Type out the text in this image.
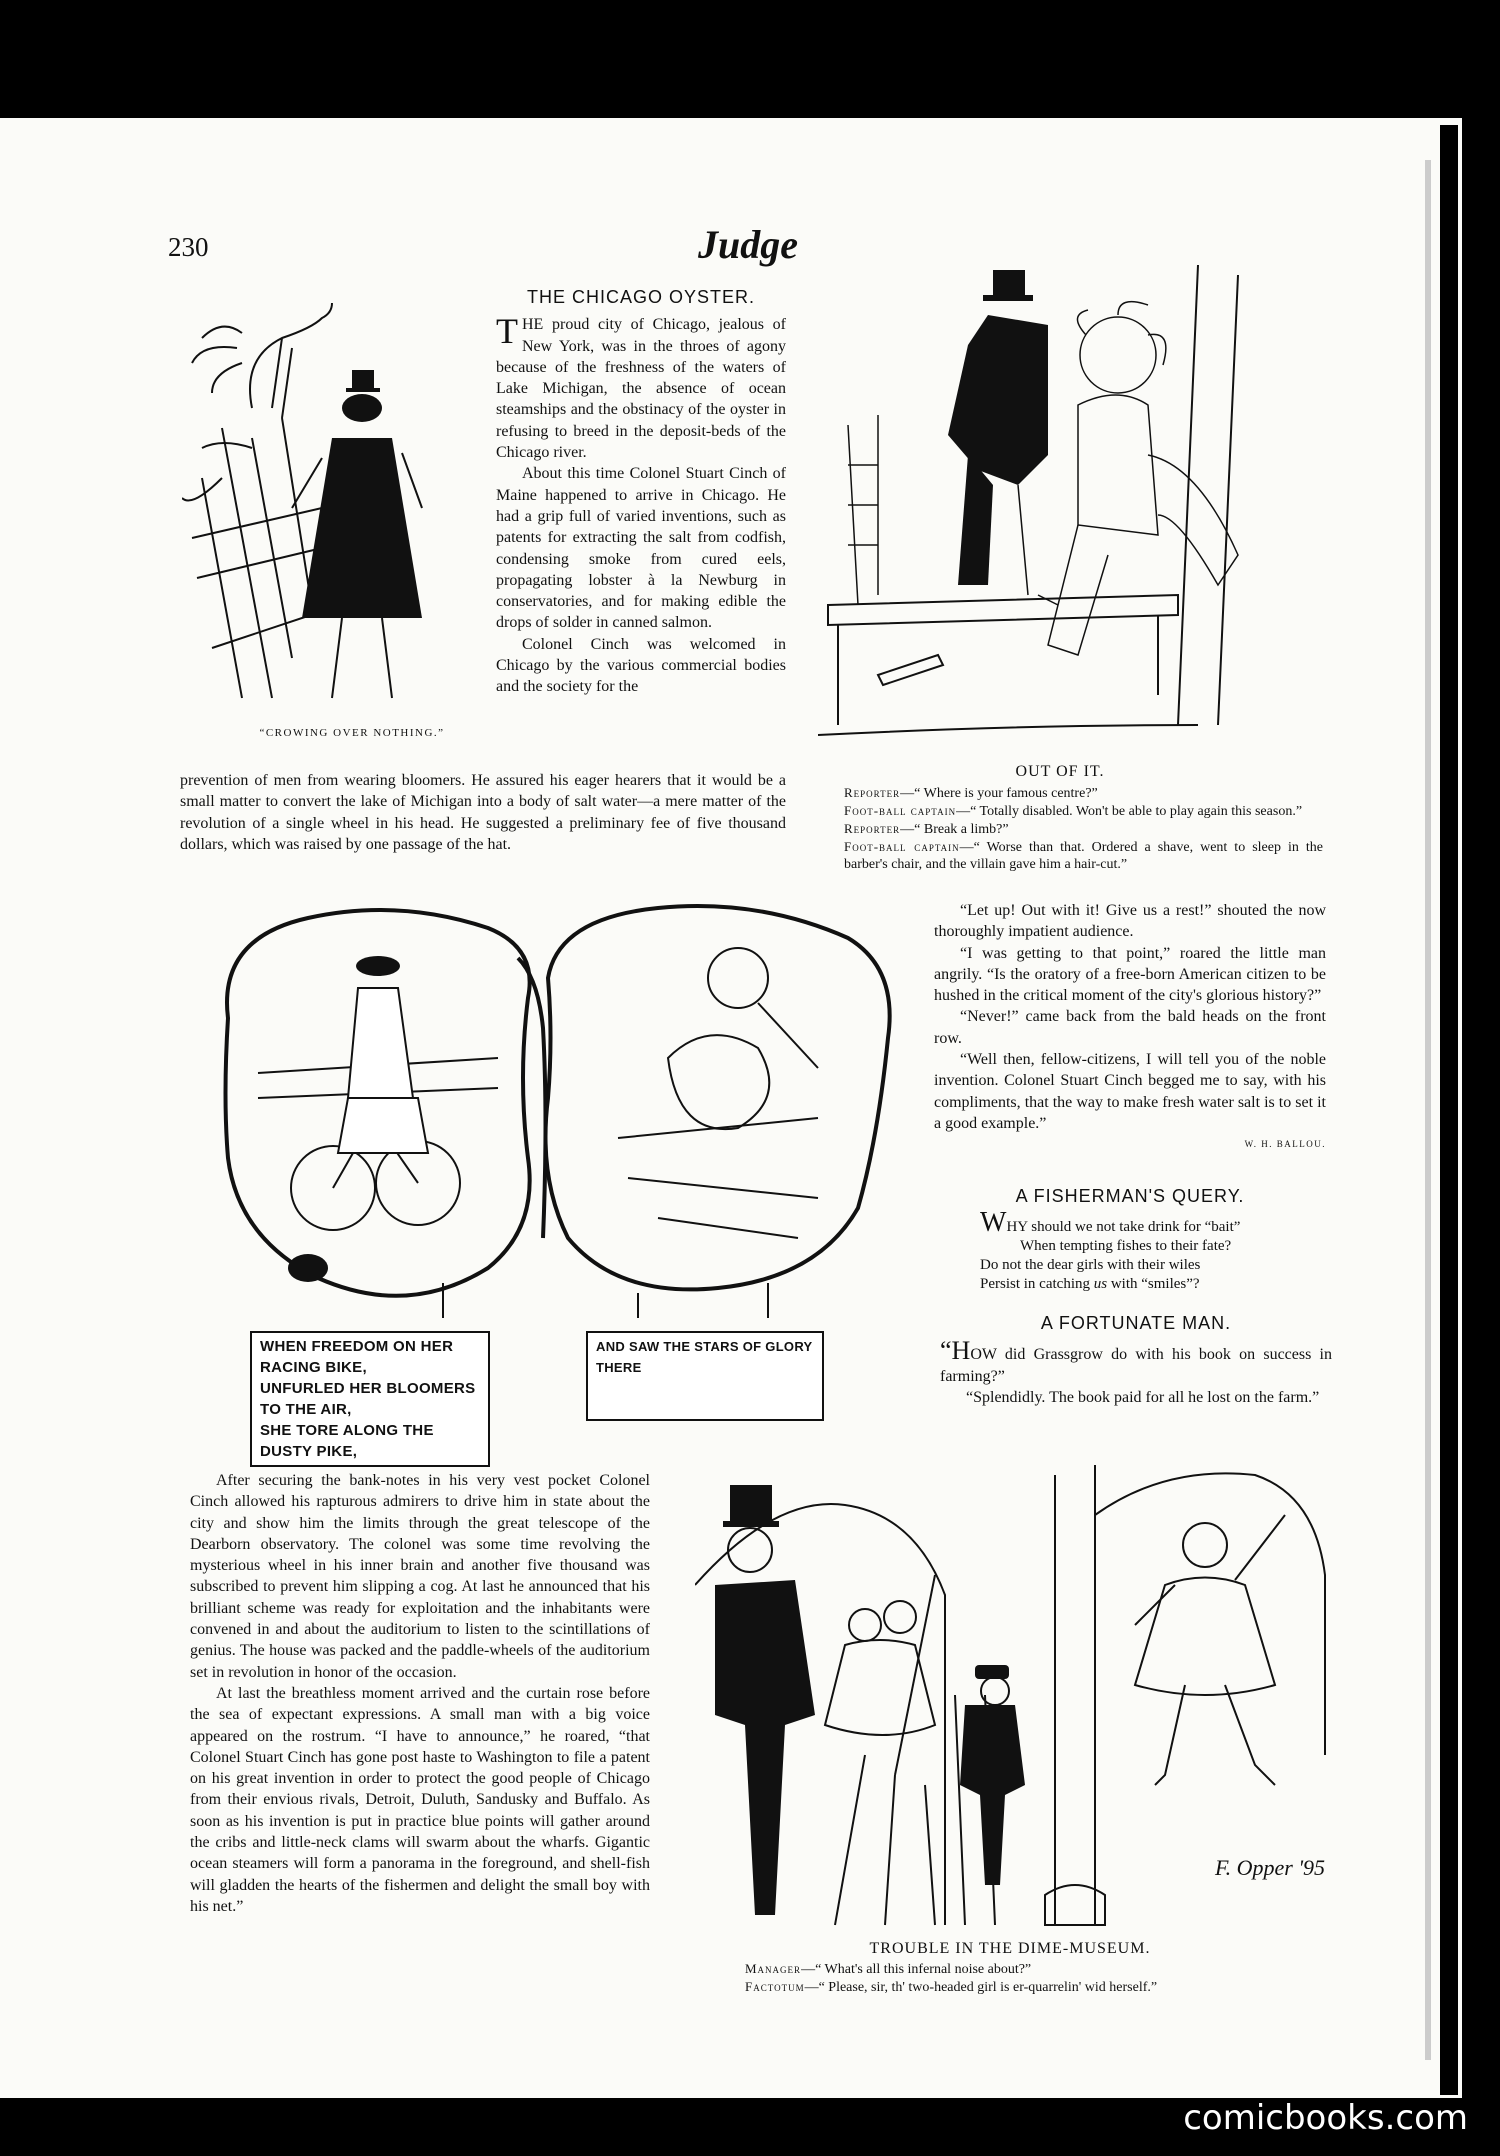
230	Judge
“CROWING OVER NOTHING.”
THE CHICAGO OYSTER.

THE proud city of Chicago, jealous of New York, was in the throes of agony because of the freshness of the waters of Lake Michigan, the absence of ocean steamships and the obstinacy of the oyster in refusing to breed in the deposit-beds of the Chicago river.

About this time Colonel Stuart Cinch of Maine happened to arrive in Chicago. He had a grip full of varied inventions, such as patents for extracting the salt from codfish, condensing smoke from cured eels, propagating lobster à la Newburg in conservatories, and for making edible the drops of solder in canned salmon.

Colonel Cinch was welcomed in Chicago by the various commercial bodies and the society for the

prevention of men from wearing bloomers. He assured his eager hearers that it would be a small matter to convert the lake of Michigan into a body of salt water—a mere matter of the revolution of a single wheel in his head. He suggested a preliminary fee of five thousand dollars, which was raised by one passage of the hat.

OUT OF IT.
Reporter—“ Where is your famous centre?”
Foot-ball captain—“ Totally disabled. Won't be able to play again this season.”
Reporter—“ Break a limb?”
Foot-ball captain—“ Worse than that. Ordered a shave, went to sleep in the barber's chair, and the villain gave him a hair-cut.”
WHEN FREEDOM ON HER RACING BIKE,
UNFURLED HER BLOOMERS TO THE AIR,
SHE TORE ALONG THE DUSTY PIKE,
AND SAW THE STARS OF GLORY THERE

“Let up! Out with it! Give us a rest!” shouted the now thoroughly impatient audience.

“I was getting to that point,” roared the little man angrily. “Is the oratory of a free-born American citizen to be hushed in the critical moment of the city's glorious history?”

“Never!” came back from the bald heads on the front row.

“Well then, fellow-citizens, I will tell you of the noble invention. Colonel Stuart Cinch begged me to say, with his compliments, that the way to make fresh water salt is to set it a good example.”

W. H. BALLOU.
A FISHERMAN'S QUERY.
WHY should we not take drink for “bait”
When tempting fishes to their fate?
Do not the dear girls with their wiles
Persist in catching us with “smiles”?
A FORTUNATE MAN.

“HOW did Grassgrow do with his book on success in farming?”

“Splendidly. The book paid for all he lost on the farm.”

After securing the bank-notes in his very vest pocket Colonel Cinch allowed his rapturous admirers to drive him in state about the city and show him the limits through the great telescope of the Dearborn observatory. The colonel was some time revolving the mysterious wheel in his inner brain and another five thousand was subscribed to prevent him slipping a cog. At last he announced that his brilliant scheme was ready for exploitation and the inhabitants were convened in and about the auditorium to listen to the scintillations of genius. The house was packed and the paddle-wheels of the auditorium set in revolution in honor of the occasion.

At last the breathless moment arrived and the curtain rose before the sea of expectant expressions. A small man with a big voice appeared on the rostrum. “I have to announce,” he roared, “that Colonel Stuart Cinch has gone post haste to Washington to file a patent on his great invention in order to protect the good people of Chicago from their envious rivals, Detroit, Duluth, Sandusky and Buffalo. As soon as his invention is put in practice blue points will gather around the cribs and little-neck clams will swarm about the wharfs. Gigantic ocean steamers will form a panorama in the foreground, and shell-fish will gladden the hearts of the fishermen and delight the small boy with his net.”

F. Opper '95
TROUBLE IN THE DIME-MUSEUM.
Manager—“ What's all this infernal noise about?”
Factotum—“ Please, sir, th' two-headed girl is er-quarrelin' wid herself.”
comicbooks.com
